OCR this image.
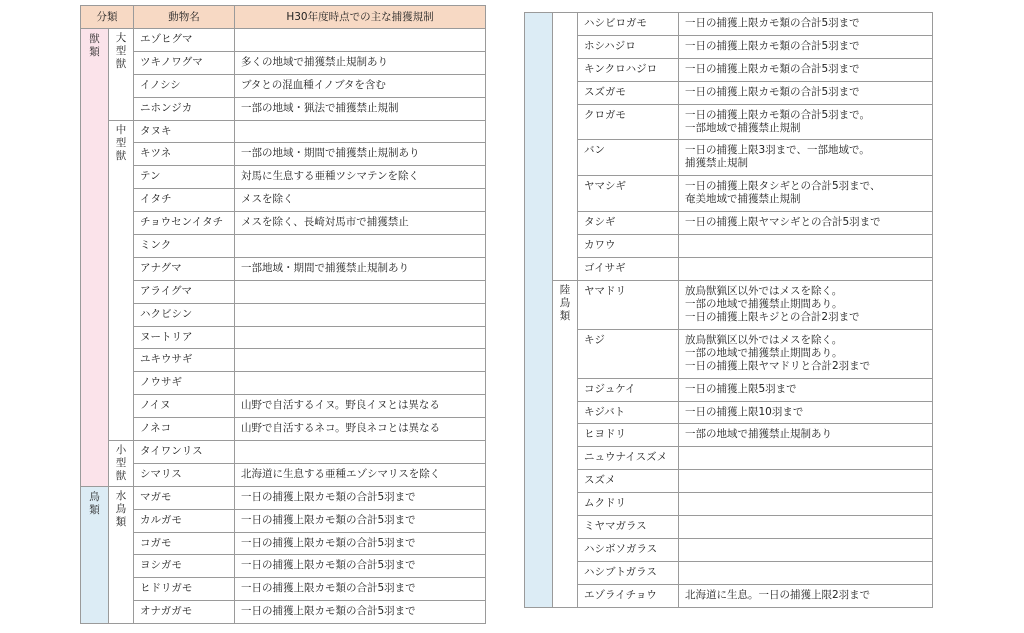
分類		動物名	H30年度時点での主な捕獲規制

獣類	大型獣	エゾヒグマ	
		ツキノワグマ	多くの地域で捕獲禁止規制あり

		イノシシ	ブタとの混血種イノブタを含む

		ニホンジカ	一部の地域・猟法で捕獲禁止規制

	中型獣	タヌキ	
		キツネ	一部の地域・期間で捕獲禁止規制あり

		テン	対馬に生息する亜種ツシマテンを除く

		イタチ	メスを除く

		チョウセンイタチ	メスを除く、長崎対馬市で捕獲禁止

		ミンク	
		アナグマ	一部地域・期間で捕獲禁止規制あり

		アライグマ	
		ハクビシン	
		ヌートリア	
		ユキウサギ	
		ノウサギ	
		ノイヌ	山野で自活するイヌ。野良イヌとは異なる

		ノネコ	山野で自活するネコ。野良ネコとは異なる

	小型獣	タイワンリス	
		シマリス	北海道に生息する亜種エゾシマリスを除く

鳥類	水鳥類	マガモ	一日の捕獲上限カモ類の合計5羽まで

		カルガモ	一日の捕獲上限カモ類の合計5羽まで

		コガモ	一日の捕獲上限カモ類の合計5羽まで

		ヨシガモ	一日の捕獲上限カモ類の合計5羽まで

		ヒドリガモ	一日の捕獲上限カモ類の合計5羽まで

		オナガガモ	一日の捕獲上限カモ類の合計5羽まで
		ハシビロガモ	一日の捕獲上限カモ類の合計5羽まで

		ホシハジロ	一日の捕獲上限カモ類の合計5羽まで

		キンクロハジロ	一日の捕獲上限カモ類の合計5羽まで

		スズガモ	一日の捕獲上限カモ類の合計5羽まで

		クロガモ	一日の捕獲上限カモ類の合計5羽まで。
一部地域で捕獲禁止規制

		バン	一日の捕獲上限3羽まで、一部地域で。
捕獲禁止規制

		ヤマシギ	一日の捕獲上限タシギとの合計5羽まで、
奄美地域で捕獲禁止規制

		タシギ	一日の捕獲上限ヤマシギとの合計5羽まで

		カワウ	
		ゴイサギ	

	陸鳥類	ヤマドリ	放鳥獣猟区以外ではメスを除く。
一部の地域で捕獲禁止期間あり。
一日の捕獲上限キジとの合計2羽まで

		キジ	放鳥獣猟区以外ではメスを除く。
一部の地域で捕獲禁止期間あり。
一日の捕獲上限ヤマドリと合計2羽まで

		コジュケイ	一日の捕獲上限5羽まで

		キジバト	一日の捕獲上限10羽まで

		ヒヨドリ	一部の地域で捕獲禁止規制あり

		ニュウナイスズメ	
		スズメ	
		ムクドリ	
		ミヤマガラス	
		ハシボソガラス	
		ハシブトガラス	
		エゾライチョウ	北海道に生息。一日の捕獲上限2羽まで
